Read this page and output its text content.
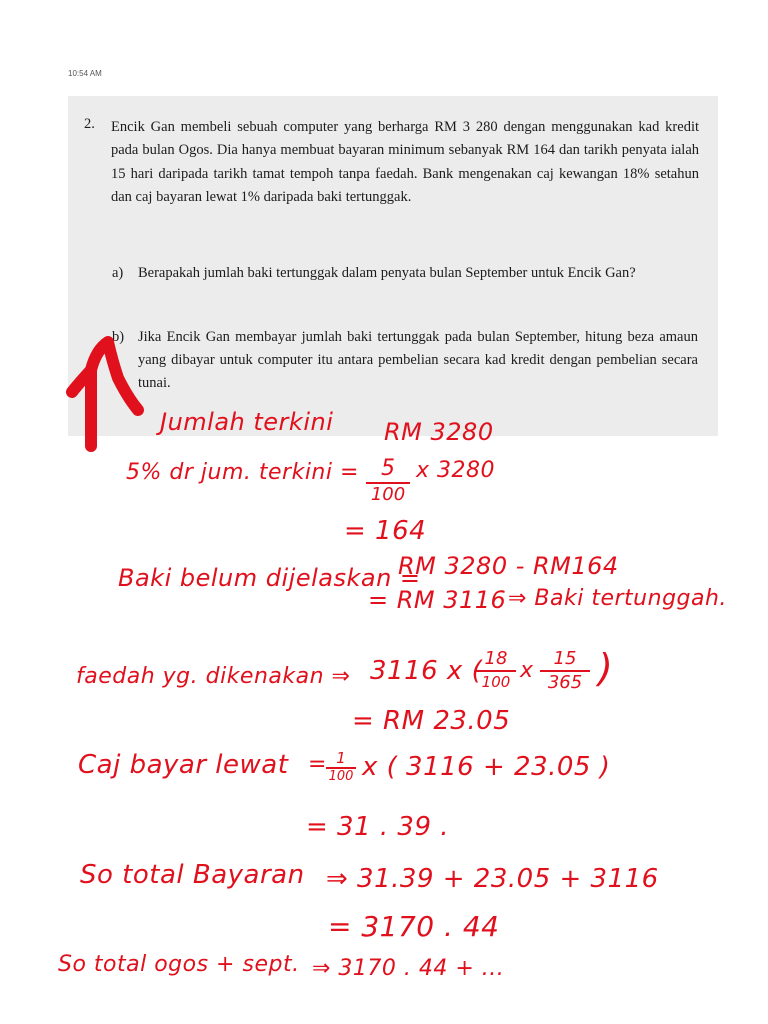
10:54 AM
2. Encik Gan membeli sebuah computer yang berharga RM 3 280 dengan menggunakan kad kredit pada bulan Ogos. Dia hanya membuat bayaran minimum sebanyak RM 164 dan tarikh penyata ialah 15 hari daripada tarikh tamat tempoh tanpa faedah. Bank mengenakan caj kewangan 18% setahun dan caj bayaran lewat 1% daripada baki tertunggak.
a) Berapakah jumlah baki tertunggak dalam penyata bulan September untuk Encik Gan?
b) Jika Encik Gan membayar jumlah baki tertunggak pada bulan September, hitung beza amaun yang dibayar untuk computer itu antara pembelian secara kad kredit dengan pembelian secara tunai.

Jumlah terkini RM 3280

5% dr jum. terkini =	5
100

x 3280

= 164

Baki belum dijelaskan =

RM 3280 - RM164

= RM 3116 ⇒ Baki tertunggah.

faedah yg. dikenakan ⇒ 3116 x ( 18
100 x $\frac{15}{365}$ )

= RM 23.05

Caj bayar lewat = $\frac{1}{100}$ x ( 3116 + 23.05 )

= 31 . 39 .

So total Bayaran ⇒ 31.39 + 23.05 + 3116

= 3170 . 44

So total ogos + sept. ⇒ 3170 . 44 + ...
